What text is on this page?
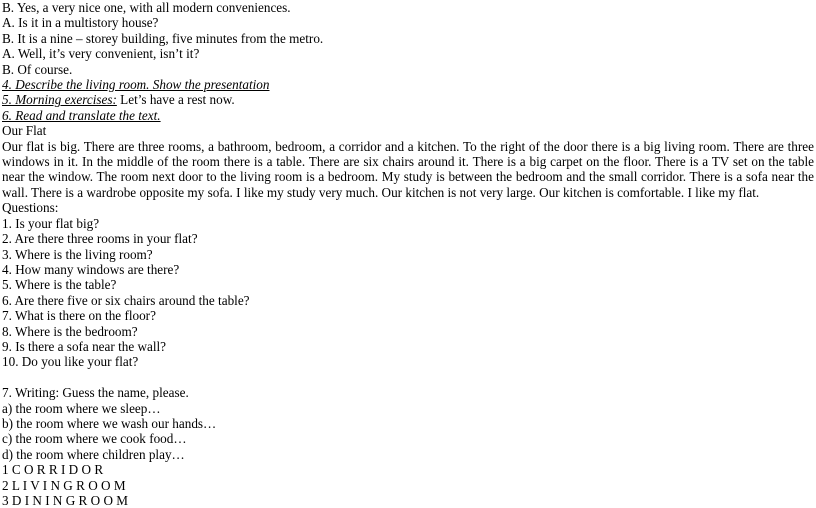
B. Yes, a very nice one, with all modern conveniences.
A. Is it in a multistory house?
B. It is a nine – storey building, five minutes from the metro.
A. Well, it’s very convenient, isn’t it?
B. Of course.
4. Describe the living room. Show the presentation
5. Morning exercises: Let’s have a rest now.
6. Read and translate the text.
Our Flat
Our flat is big. There are three rooms, a bathroom, bedroom, a corridor and a kitchen. To the right of the door there is a big living room. There are three windows in it. In the middle of the room there is a table. There are six chairs around it. There is a big carpet on the floor. There is a TV set on the table near the window. The room next door to the living room is a bedroom. My study is between the bedroom and the small corridor. There is a sofa near the wall. There is a wardrobe opposite my sofa. I like my study very much. Our kitchen is not very large. Our kitchen is comfortable. I like my flat.
Questions:
1. Is your flat big?
2. Are there three rooms in your flat?
3. Where is the living room?
4. How many windows are there?
5. Where is the table?
6. Are there five or six chairs around the table?
7. What is there on the floor?
8. Where is the bedroom?
9. Is there a sofa near the wall?
10. Do you like your flat?
7. Writing: Guess the name, please.
a) the room where we sleep…
b) the room where we wash our hands…
c) the room where we cook food…
d) the room where children play…
1 C O R R I D O R
2 L I V I N G R O O M
3 D I N I N G R O O M
